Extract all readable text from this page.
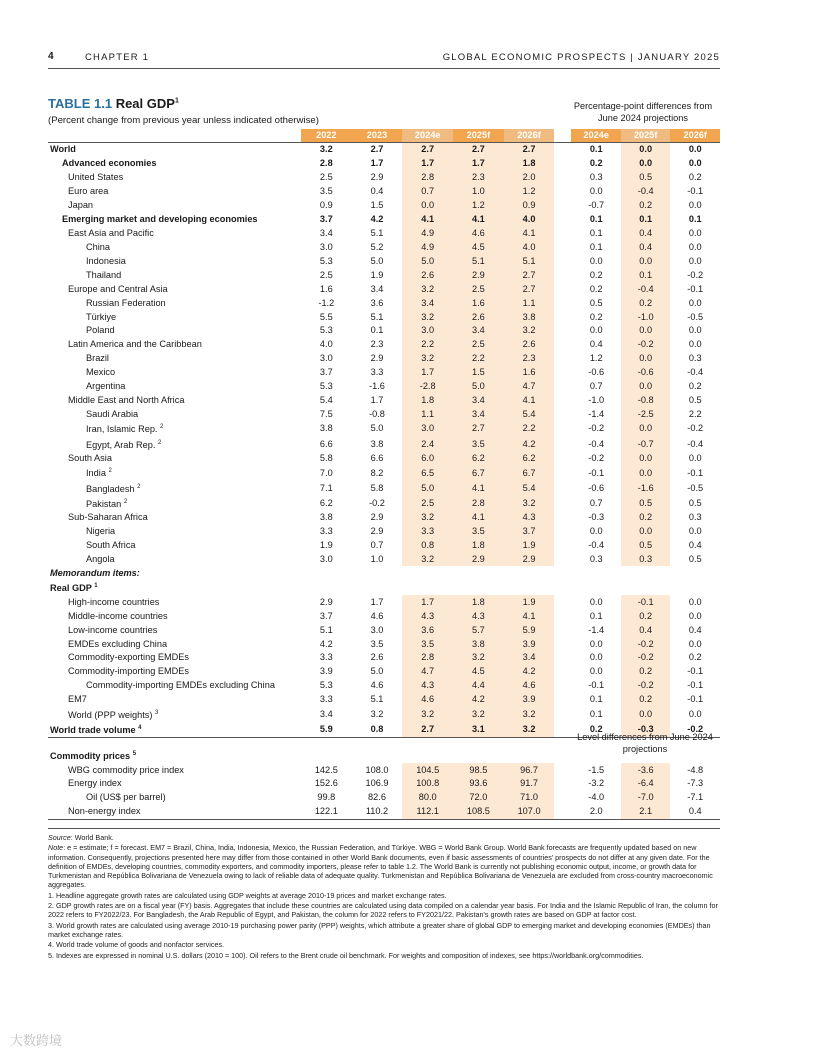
4	CHAPTER 1	GLOBAL ECONOMIC PROSPECTS | JANUARY 2025
TABLE 1.1 Real GDP$^1$
(Percent change from previous year unless indicated otherwise)
Percentage-point differences from June 2024 projections
	2022	2023	2024e	2025f	2026f		2024e	2025f	2026f
World	3.2	2.7	2.7	2.7	2.7		0.1	0.0	0.0
Advanced economies	2.8	1.7	1.7	1.7	1.8		0.2	0.0	0.0
United States	2.5	2.9	2.8	2.3	2.0		0.3	0.5	0.2
Euro area	3.5	0.4	0.7	1.0	1.2		0.0	-0.4	-0.1
Japan	0.9	1.5	0.0	1.2	0.9		-0.7	0.2	0.0
Emerging market and developing economies	3.7	4.2	4.1	4.1	4.0		0.1	0.1	0.1
East Asia and Pacific	3.4	5.1	4.9	4.6	4.1		0.1	0.4	0.0
China	3.0	5.2	4.9	4.5	4.0		0.1	0.4	0.0
Indonesia	5.3	5.0	5.0	5.1	5.1		0.0	0.0	0.0
Thailand	2.5	1.9	2.6	2.9	2.7		0.2	0.1	-0.2
Europe and Central Asia	1.6	3.4	3.2	2.5	2.7		0.2	-0.4	-0.1
Russian Federation	-1.2	3.6	3.4	1.6	1.1		0.5	0.2	0.0
Türkiye	5.5	5.1	3.2	2.6	3.8		0.2	-1.0	-0.5
Poland	5.3	0.1	3.0	3.4	3.2		0.0	0.0	0.0
Latin America and the Caribbean	4.0	2.3	2.2	2.5	2.6		0.4	-0.2	0.0
Brazil	3.0	2.9	3.2	2.2	2.3		1.2	0.0	0.3
Mexico	3.7	3.3	1.7	1.5	1.6		-0.6	-0.6	-0.4
Argentina	5.3	-1.6	-2.8	5.0	4.7		0.7	0.0	0.2
Middle East and North Africa	5.4	1.7	1.8	3.4	4.1		-1.0	-0.8	0.5
Saudi Arabia	7.5	-0.8	1.1	3.4	5.4		-1.4	-2.5	2.2
Iran, Islamic Rep. $^2$	3.8	5.0	3.0	2.7	2.2		-0.2	0.0	-0.2
Egypt, Arab Rep. $^2$	6.6	3.8	2.4	3.5	4.2		-0.4	-0.7	-0.4
South Asia	5.8	6.6	6.0	6.2	6.2		-0.2	0.0	0.0
India $^2$	7.0	8.2	6.5	6.7	6.7		-0.1	0.0	-0.1
Bangladesh $^2$	7.1	5.8	5.0	4.1	5.4		-0.6	-1.6	-0.5
Pakistan $^2$	6.2	-0.2	2.5	2.8	3.2		0.7	0.5	0.5
Sub-Saharan Africa	3.8	2.9	3.2	4.1	4.3		-0.3	0.2	0.3
Nigeria	3.3	2.9	3.3	3.5	3.7		0.0	0.0	0.0
South Africa	1.9	0.7	0.8	1.8	1.9		-0.4	0.5	0.4
Angola	3.0	1.0	3.2	2.9	2.9		0.3	0.3	0.5
Memorandum items:									
Real GDP $^1$									
High-income countries	2.9	1.7	1.7	1.8	1.9		0.0	-0.1	0.0
Middle-income countries	3.7	4.6	4.3	4.3	4.1		0.1	0.2	0.0
Low-income countries	5.1	3.0	3.6	5.7	5.9		-1.4	0.4	0.4
EMDEs excluding China	4.2	3.5	3.5	3.8	3.9		0.0	-0.2	0.0
Commodity-exporting EMDEs	3.3	2.6	2.8	3.2	3.4		0.0	-0.2	0.2
Commodity-importing EMDEs	3.9	5.0	4.7	4.5	4.2		0.0	0.2	-0.1
Commodity-importing EMDEs excluding China	5.3	4.6	4.3	4.4	4.6		-0.1	-0.2	-0.1
EM7	3.3	5.1	4.6	4.2	3.9		0.1	0.2	-0.1
World (PPP weights) $^3$	3.4	3.2	3.2	3.2	3.2		0.1	0.0	0.0
World trade volume $^4$	5.9	0.8	2.7	3.1	3.2		0.2	-0.3	-0.2
Level differences from June 2024 projections
Commodity prices $^5$									
WBG commodity price index	142.5	108.0	104.5	98.5	96.7		-1.5	-3.6	-4.8
Energy index	152.6	106.9	100.8	93.6	91.7		-3.2	-6.4	-7.3
Oil (US$ per barrel)	99.8	82.6	80.0	72.0	71.0		-4.0	-7.0	-7.1
Non-energy index	122.1	110.2	112.1	108.5	107.0		2.0	2.1	0.4

Source: World Bank.

Note: e = estimate; f = forecast. EM7 = Brazil, China, India, Indonesia, Mexico, the Russian Federation, and Türkiye. WBG = World Bank Group. World Bank forecasts are frequently updated based on new information. Consequently, projections presented here may differ from those contained in other World Bank documents, even if basic assessments of countries' prospects do not differ at any given date. For the definition of EMDEs, developing countries, commodity exporters, and commodity importers, please refer to table 1.2. The World Bank is currently not publishing economic output, income, or growth data for Turkmenistan and República Bolivariana de Venezuela owing to lack of reliable data of adequate quality. Turkmenistan and República Bolivariana de Venezuela are excluded from cross-country macroeconomic aggregates.

1. Headline aggregate growth rates are calculated using GDP weights at average 2010-19 prices and market exchange rates.

2. GDP growth rates are on a fiscal year (FY) basis. Aggregates that include these countries are calculated using data compiled on a calendar year basis. For India and the Islamic Republic of Iran, the column for 2022 refers to FY2022/23. For Bangladesh, the Arab Republic of Egypt, and Pakistan, the column for 2022 refers to FY2021/22. Pakistan's growth rates are based on GDP at factor cost.

3. World growth rates are calculated using average 2010-19 purchasing power parity (PPP) weights, which attribute a greater share of global GDP to emerging market and developing economies (EMDEs) than market exchange rates.

4. World trade volume of goods and nonfactor services.

5. Indexes are expressed in nominal U.S. dollars (2010 = 100). Oil refers to the Brent crude oil benchmark. For weights and composition of indexes, see https://worldbank.org/commodities.

大数跨境
